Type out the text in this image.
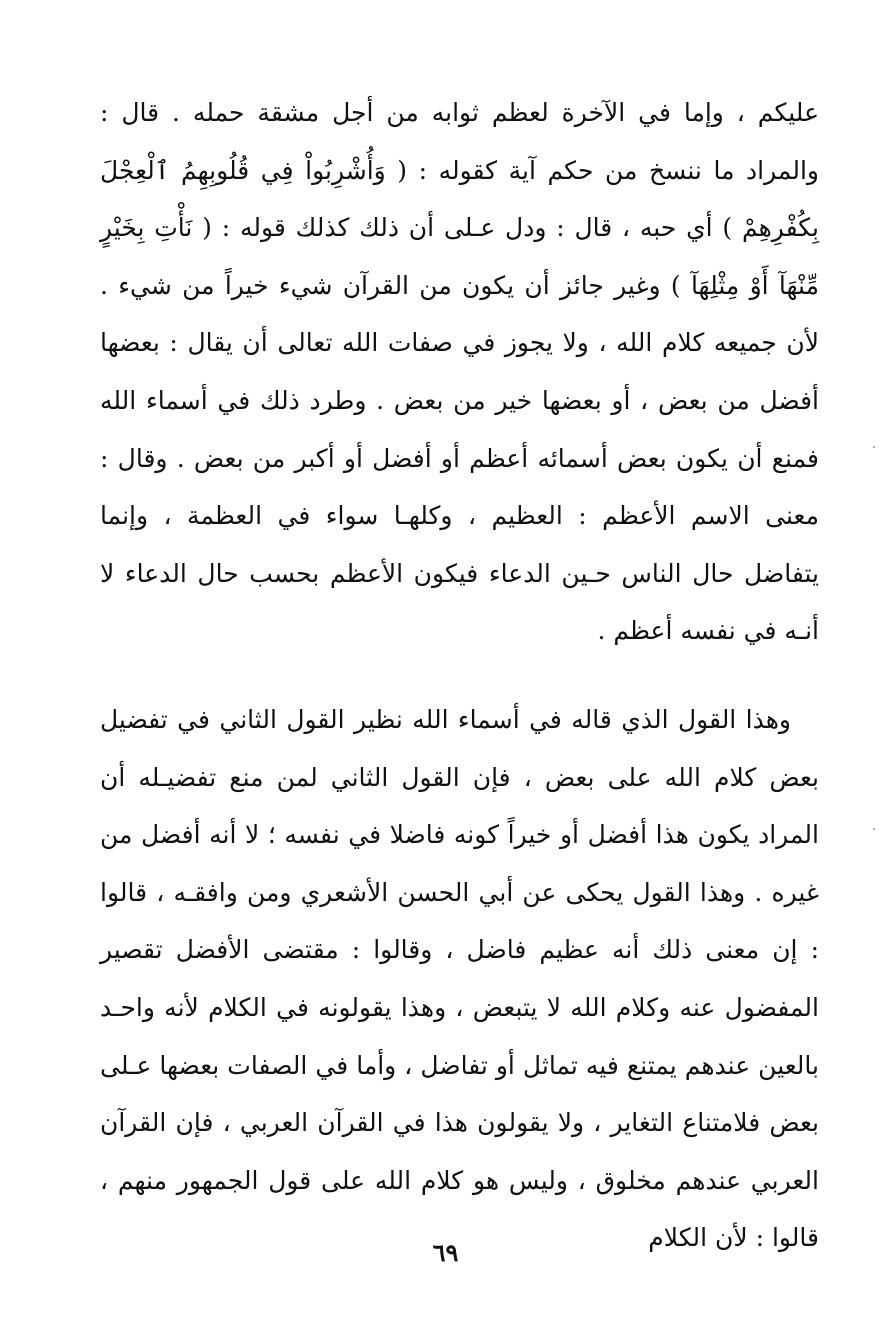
عليكم ، وإما في الآخرة لعظم ثوابه من أجل مشقة حمله . قال : والمراد ما ننسخ من حكم آية كقوله : ( وَأُشْرِبُواْ فِي قُلُوبِهِمُ ٱلْعِجْلَ بِكُفْرِهِمْ ) أي حبه ، قال : ودل عـلى أن ذلك كذلك قوله : ( نَأْتِ بِخَيْرٍ مِّنْهَآ أَوْ مِثْلِهَآ ) وغير جائز أن يكون من القرآن شيء خيراً من شيء . لأن جميعه كلام الله ، ولا يجوز في صفات الله تعالى أن يقال : بعضها أفضل من بعض ، أو بعضها خير من بعض . وطرد ذلك في أسماء الله فمنع أن يكون بعض أسمائه أعظم أو أفضل أو أكبر من بعض . وقال : معنى الاسم الأعظم : العظيم ، وكلهـا سواء في العظمة ، وإنما يتفاضل حال الناس حـين الدعاء فيكون الأعظم بحسب حال الدعاء لا أنـه في نفسه أعظم .

وهذا القول الذي قاله في أسماء الله نظير القول الثاني في تفضيل بعض كلام الله على بعض ، فإن القول الثاني لمن منع تفضيـله أن المراد يكون هذا أفضل أو خيراً كونه فاضلا في نفسه ؛ لا أنه أفضل من غيره . وهذا القول يحكى عن أبي الحسن الأشعري ومن وافقـه ، قالوا : إن معنى ذلك أنه عظيم فاضل ، وقالوا : مقتضى الأفضل تقصير المفضول عنه وكلام الله لا يتبعض ، وهذا يقولونه في الكلام لأنه واحـد بالعين عندهم يمتنع فيه تماثل أو تفاضل ، وأما في الصفات بعضها عـلى بعض فلامتناع التغاير ، ولا يقولون هذا في القرآن العربي ، فإن القرآن العربي عندهم مخلوق ، وليس هو كلام الله على قول الجمهور منهم ، قالوا : لأن الكلام

٦٩
